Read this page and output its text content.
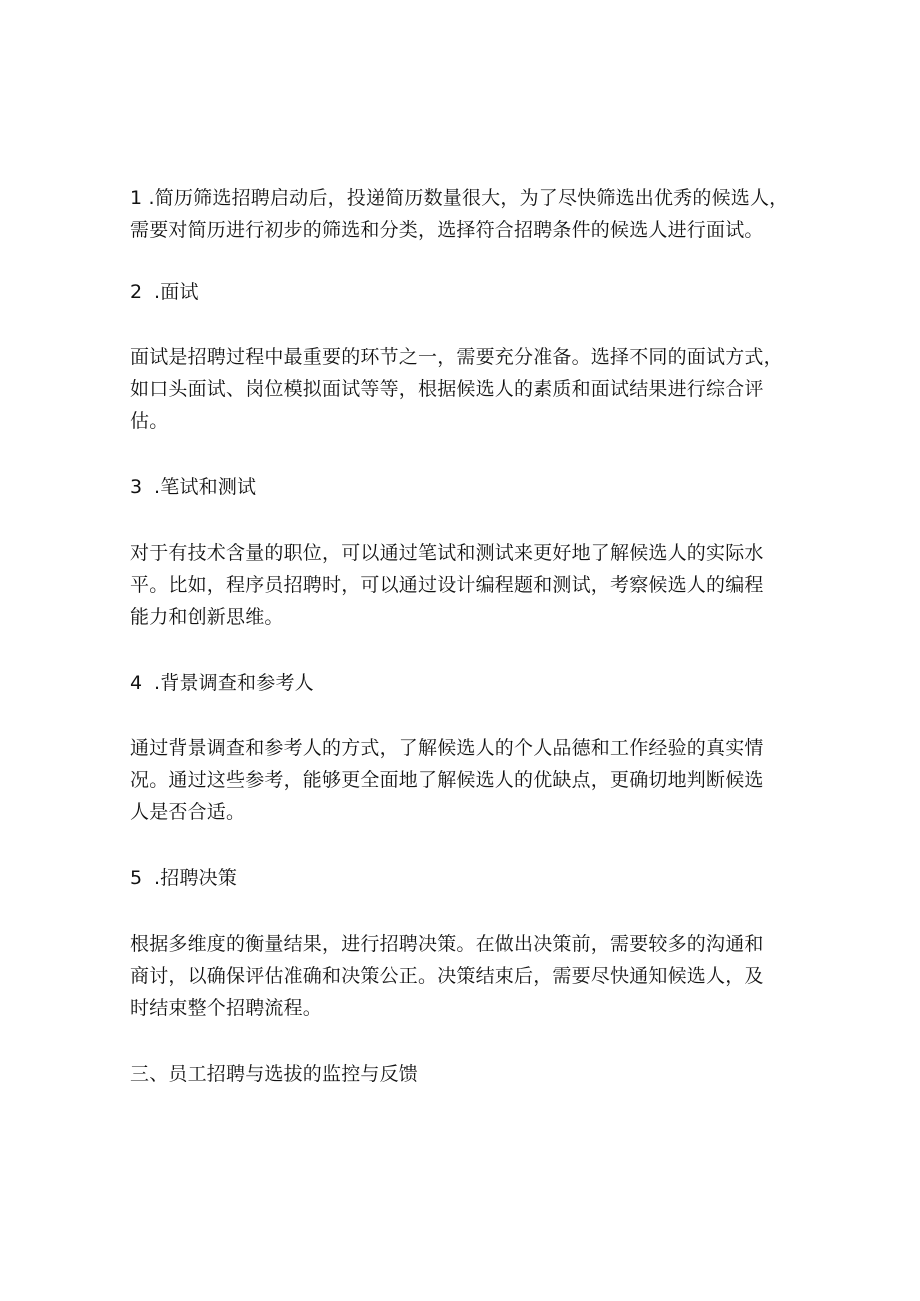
1 .简历筛选招聘启动后，投递简历数量很大，为了尽快筛选出优秀的候选人，
需要对简历进行初步的筛选和分类，选择符合招聘条件的候选人进行面试。

2 .面试

面试是招聘过程中最重要的环节之一，需要充分准备。选择不同的面试方式，
如口头面试、岗位模拟面试等等，根据候选人的素质和面试结果进行综合评
估。

3 .笔试和测试

对于有技术含量的职位，可以通过笔试和测试来更好地了解候选人的实际水
平。比如，程序员招聘时，可以通过设计编程题和测试，考察候选人的编程
能力和创新思维。

4 .背景调查和参考人

通过背景调查和参考人的方式，了解候选人的个人品德和工作经验的真实情
况。通过这些参考，能够更全面地了解候选人的优缺点，更确切地判断候选
人是否合适。

5 .招聘决策

根据多维度的衡量结果，进行招聘决策。在做出决策前，需要较多的沟通和
商讨，以确保评估准确和决策公正。决策结束后，需要尽快通知候选人，及
时结束整个招聘流程。

三、员工招聘与选拔的监控与反馈
